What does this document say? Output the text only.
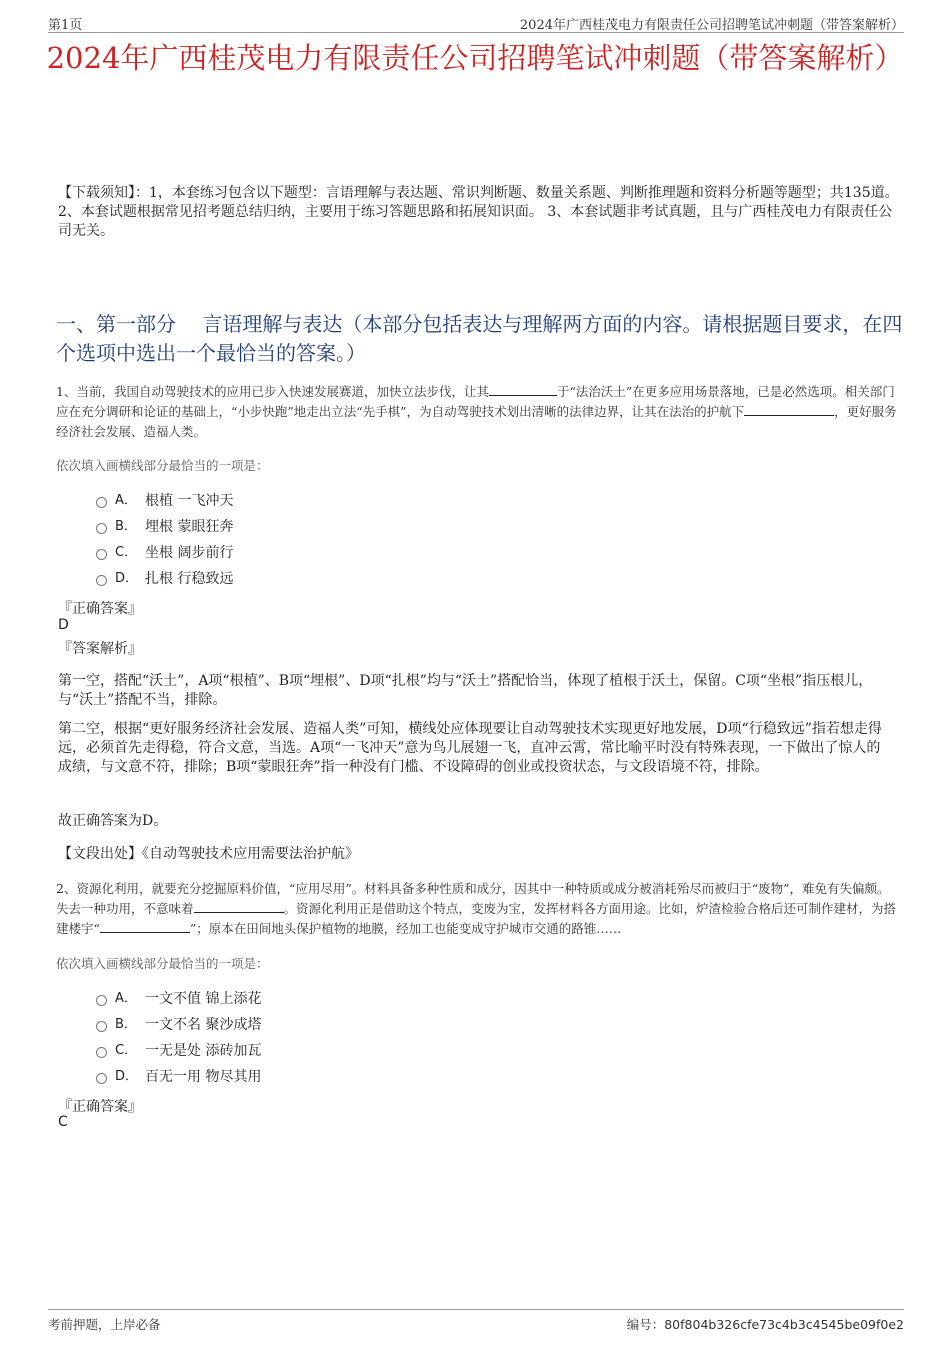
第1页	2024年广西桂茂电力有限责任公司招聘笔试冲刺题（带答案解析）
2024年广西桂茂电力有限责任公司招聘笔试冲刺题（带答案解析）

【下载须知】：1，本套练习包含以下题型：言语理解与表达题、常识判断题、数量关系题、判断推理题和资料分析题等题型；共135道。 2、本套试题根据常见招考题总结归纳，主要用于练习答题思路和拓展知识面。 3、本套试题非考试真题，且与广西桂茂电力有限责任公司无关。

一、第一部分　 言语理解与表达（本部分包括表达与理解两方面的内容。请根据题目要求，在四个选项中选出一个最恰当的答案。）

1、当前，我国自动驾驶技术的应用已步入快速发展赛道，加快立法步伐，让其	于“法治沃土”在更多应用场景落地，已是必然选项。相关部门应在充分调研和论证的基础上，“小步快跑”地走出立法“先手棋”，为自动驾驶技术划出清晰的法律边界，让其在法治的护航下	，更好服务经济社会发展、造福人类。

依次填入画横线部分最恰当的一项是：

A． 根植 一飞冲天
B． 埋根 蒙眼狂奔
C． 坐根 阔步前行
D． 扎根 行稳致远

『正确答案』

D

『答案解析』

第一空，搭配“沃土”，A项“根植”、B项“埋根”、D项“扎根”均与“沃土”搭配恰当，体现了植根于沃土，保留。C项“坐根”指压根儿，与“沃土”搭配不当，排除。

第二空，根据“更好服务经济社会发展、造福人类”可知，横线处应体现要让自动驾驶技术实现更好地发展，D项“行稳致远”指若想走得远，必须首先走得稳，符合文意，当选。A项“一飞冲天”意为鸟儿展翅一飞，直冲云霄，常比喻平时没有特殊表现，一下做出了惊人的成绩，与文意不符，排除；B项“蒙眼狂奔”指一种没有门槛、不设障碍的创业或投资状态，与文段语境不符，排除。

故正确答案为D。

【文段出处】《自动驾驶技术应用需要法治护航》

2、资源化利用，就要充分挖掘原料价值，“应用尽用”。材料具备多种性质和成分，因其中一种特质或成分被消耗殆尽而被归于“废物”，难免有失偏颇。失去一种功用，不意味着	。资源化利用正是借助这个特点，变废为宝，发挥材料各方面用途。比如，炉渣检验合格后还可制作建材，为搭建楼宇“	”；原本在田间地头保护植物的地膜，经加工也能变成守护城市交通的路锥……

依次填入画横线部分最恰当的一项是：

A． 一文不值 锦上添花
B． 一文不名 聚沙成塔
C． 一无是处 添砖加瓦
D． 百无一用 物尽其用

『正确答案』

C

考前押题，上岸必备	编号：80f804b326cfe73c4b3c4545be09f0e2
